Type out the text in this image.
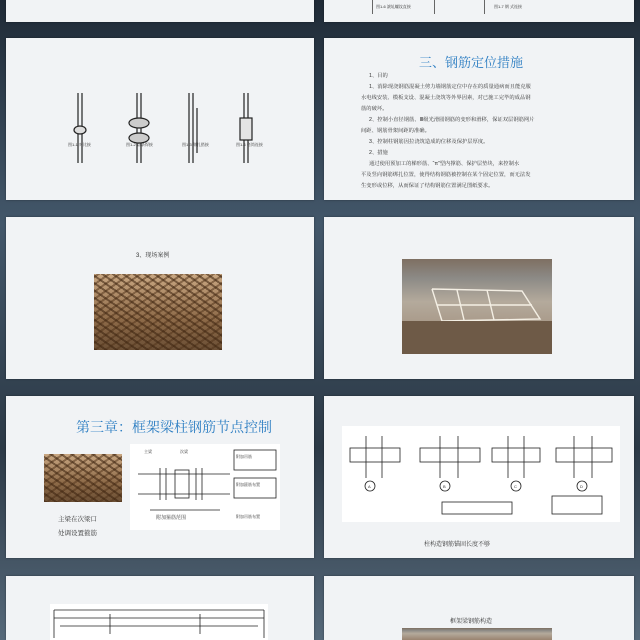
图1-6 滚轧螺纹直接	图1-7 钢 式连接
图1-1 对比接	图1-2 帮条焊接	图1-3 绑扎搭接	图1-4 套筒连接
三、钢筋定位措施
1、目的
1、消除现浇钢筋混凝土剪力墙钢筋定位中存在的质量通病而且能克服
水电线安装、模板支设、混凝土浇筑等外界因素，对已施工完毕的成品钢
筋的破坏。
2、控制小直径钢筋、Ⅲ级光滑圆钢筋的变形和滑移，保证双层钢筋网片
间距、钢筋骨架间距的准确。
3、控制柱钢筋因拉浇筑造成的位移及保护层厚度。
2、措施
通过使用预加工的梯形筋、“π”型内撑筋、保护层垫块，来控制水
平及竖向钢筋绑扎位置，使得结构钢筋被控制在某个固定位置，而无法发
生变形或位移，从而保证了结构钢筋位置满足图纸要求。
3、现场案例
第三章：框架梁柱钢筋节点控制
主梁在次梁口
处调设置箍筋
主梁	次梁
附加箍筋范围
附加吊筋
附加箍筋布置
附加吊筋布置
A	B	C	D
柱构造钢筋锚固长度不够
框架梁钢筋构造
